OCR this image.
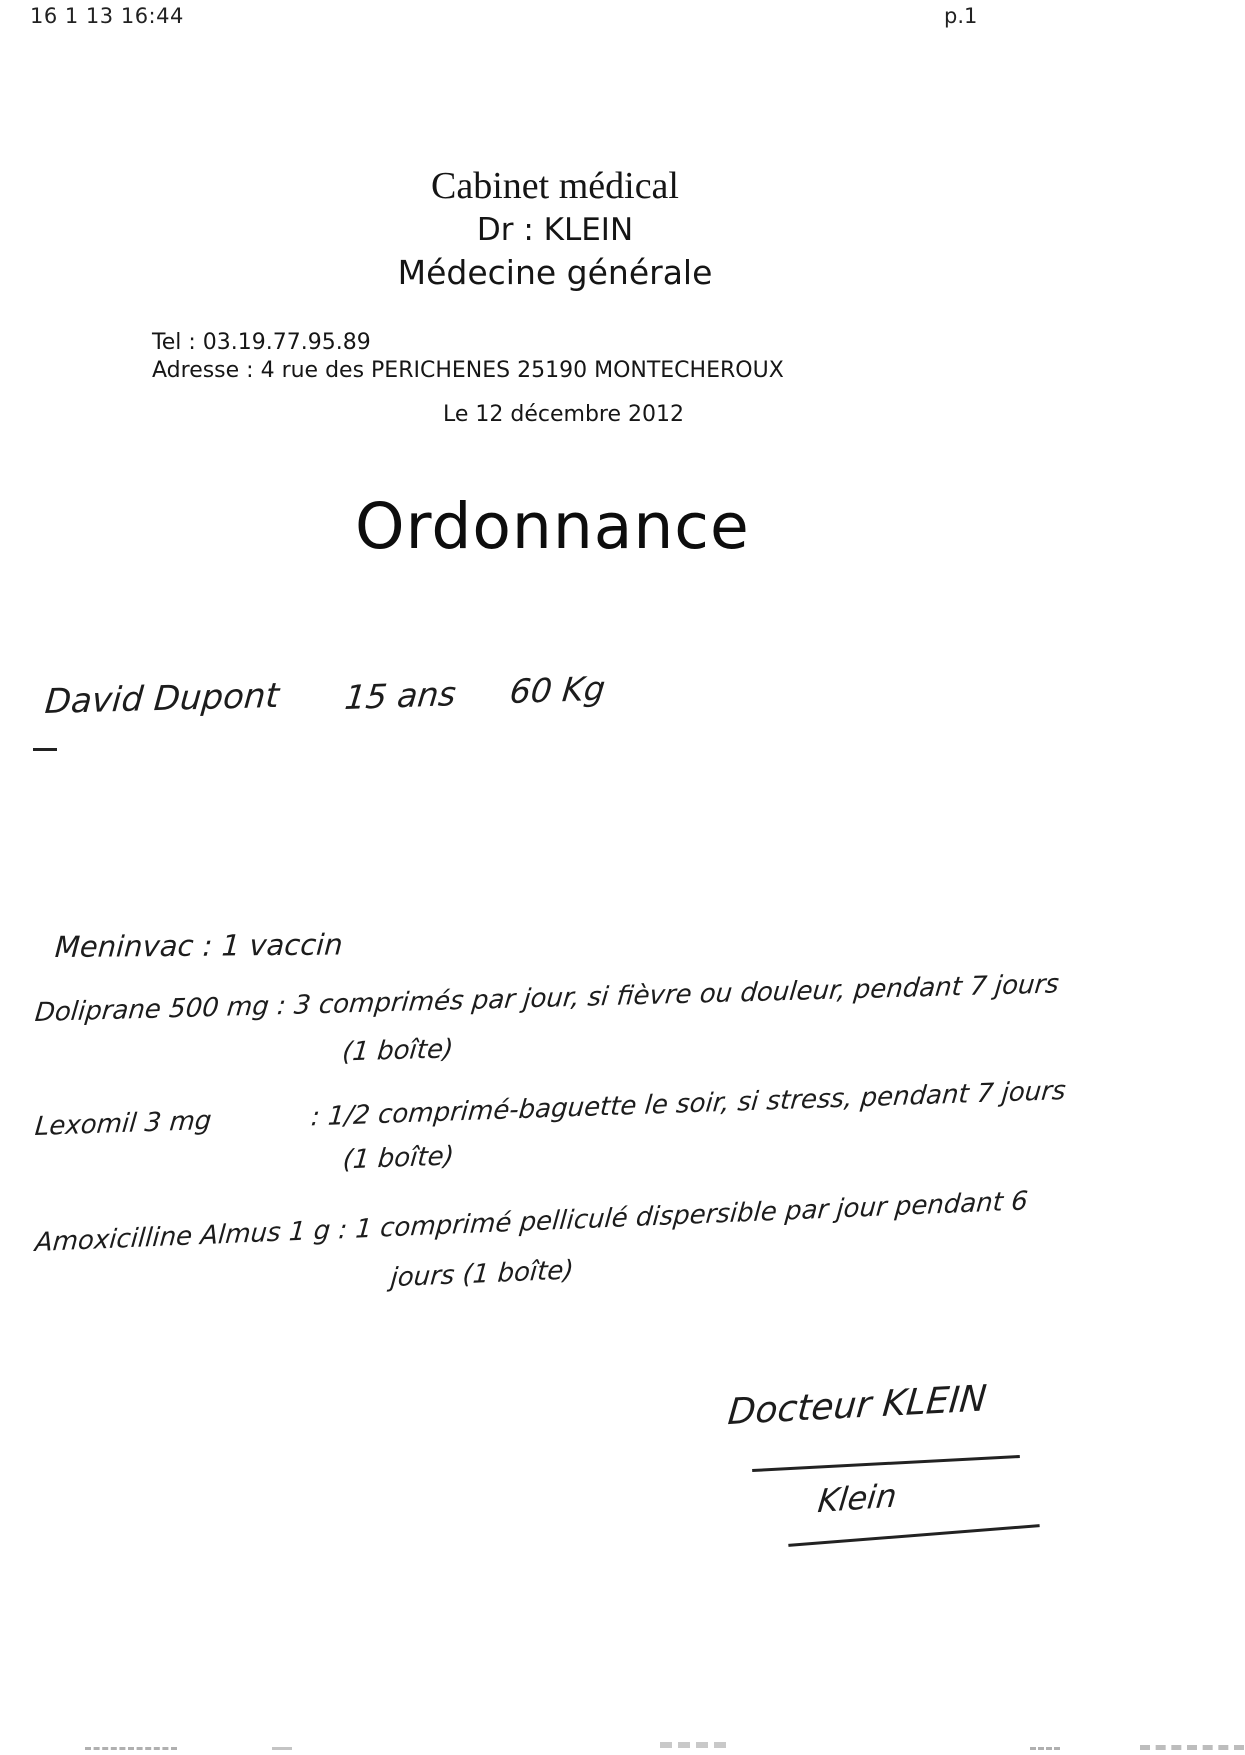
16 1 13 16:44	p.1
Cabinet médical
Dr : KLEIN
Médecine générale
Tel : 03.19.77.95.89
Adresse : 4 rue des PERICHENES 25190 MONTECHEROUX
Le 12 décembre 2012
Ordonnance
David Dupont 15 ans 60 Kg
Meninvac : 1 vaccin
Doliprane 500 mg : 3 comprimés par jour, si fièvre ou douleur, pendant 7 jours
(1 boîte)
Lexomil 3 mg	: 1/2 comprimé-baguette le soir, si stress, pendant 7 jours
(1 boîte)
Amoxicilline Almus 1 g : 1 comprimé pelliculé dispersible par jour pendant 6
jours (1 boîte)
Docteur KLEIN
Klein
